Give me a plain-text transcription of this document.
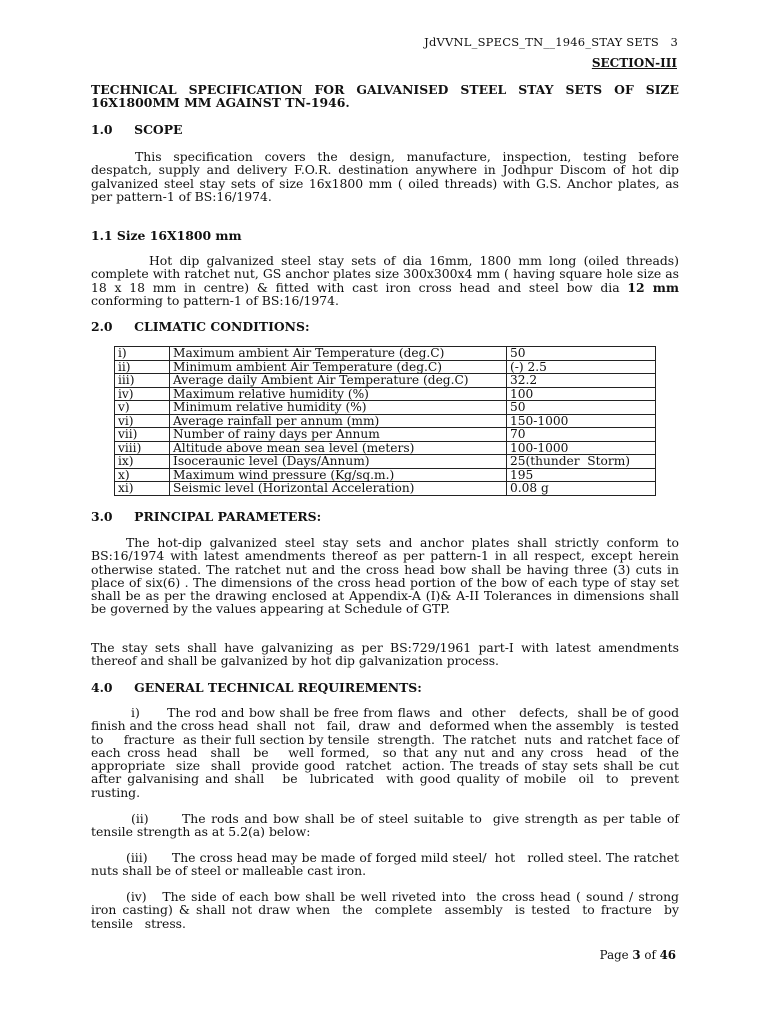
JdVVNL_SPECS_TN__1946_STAY SETS   3
SECTION-III
TECHNICAL SPECIFICATION FOR GALVANISED STEEL STAY SETS OF SIZE 16X1800MM MM AGAINST TN-1946.
1.0     SCOPE
This specification covers the design, manufacture, inspection, testing before despatch, supply and delivery F.O.R. destination anywhere in Jodhpur Discom of hot dip galvanized steel stay sets of size 16x1800 mm ( oiled threads) with G.S. Anchor plates, as per pattern-1 of BS:16/1974.
1.1 Size 16X1800 mm
Hot dip galvanized steel stay sets of dia 16mm, 1800 mm long (oiled threads) complete with ratchet nut, GS anchor plates size 300x300x4 mm ( having square hole size as 18 x 18 mm in centre) & fitted with cast iron cross head and steel bow dia 12 mm conforming to pattern-1 of BS:16/1974.
2.0     CLIMATIC CONDITIONS:
i)	Maximum ambient Air Temperature (deg.C)	50
ii)	Minimum ambient Air Temperature (deg.C)	(-) 2.5
iii)	Average daily Ambient Air Temperature (deg.C)	32.2
iv)	Maximum relative humidity (%)	100
v)	Minimum relative humidity (%)	50
vi)	Average rainfall per annum (mm)	150-1000
vii)	Number of rainy days per Annum	70
viii)	Altitude above mean sea level (meters)	100-1000
ix)	Isoceraunic level (Days/Annum)	25(thunder  Storm)
x)	Maximum wind pressure (Kg/sq.m.)	195
xi)	Seismic level (Horizontal Acceleration)	0.08 g
3.0     PRINCIPAL PARAMETERS:
The hot-dip galvanized steel stay sets and anchor plates shall strictly conform to BS:16/1974 with latest amendments thereof as per pattern-1 in all respect, except herein otherwise stated. The ratchet nut and the cross head bow shall be having three (3) cuts in place of six(6) . The dimensions of the cross head portion of the bow of each type of stay set shall be as per the drawing enclosed at Appendix-A (I)& A-II Tolerances in dimensions shall be governed by the values appearing at Schedule of GTP.
The stay sets shall have galvanizing as per BS:729/1961 part-I with latest amendments thereof and shall be galvanized by hot dip galvanization process.
4.0     GENERAL TECHNICAL REQUIREMENTS:
i)      The rod and bow shall be free from flaws  and  other   defects,  shall be of good finish and the cross head  shall  not   fail,  draw  and  deformed when the assembly   is tested to     fracture  as their full section by tensile  strength.  The ratchet  nuts  and ratchet face of each cross head  shall  be   well formed,  so that any nut and any cross  head  of the appropriate  size  shall  provide good  ratchet  action. The treads of stay sets shall be cut after galvanising and shall   be  lubricated  with good quality of mobile  oil  to  prevent    rusting.
(ii)      The rods and bow shall be of steel suitable to  give strength as per table of tensile strength as at 5.2(a) below:
(iii)      The cross head may be made of forged mild steel/  hot   rolled steel. The ratchet nuts shall be of steel or malleable cast iron.
(iv)   The side of each bow shall be well riveted into  the cross head ( sound / strong iron casting) & shall not draw when  the  complete  assembly  is tested  to fracture  by  tensile   stress.
Page 3 of 46
